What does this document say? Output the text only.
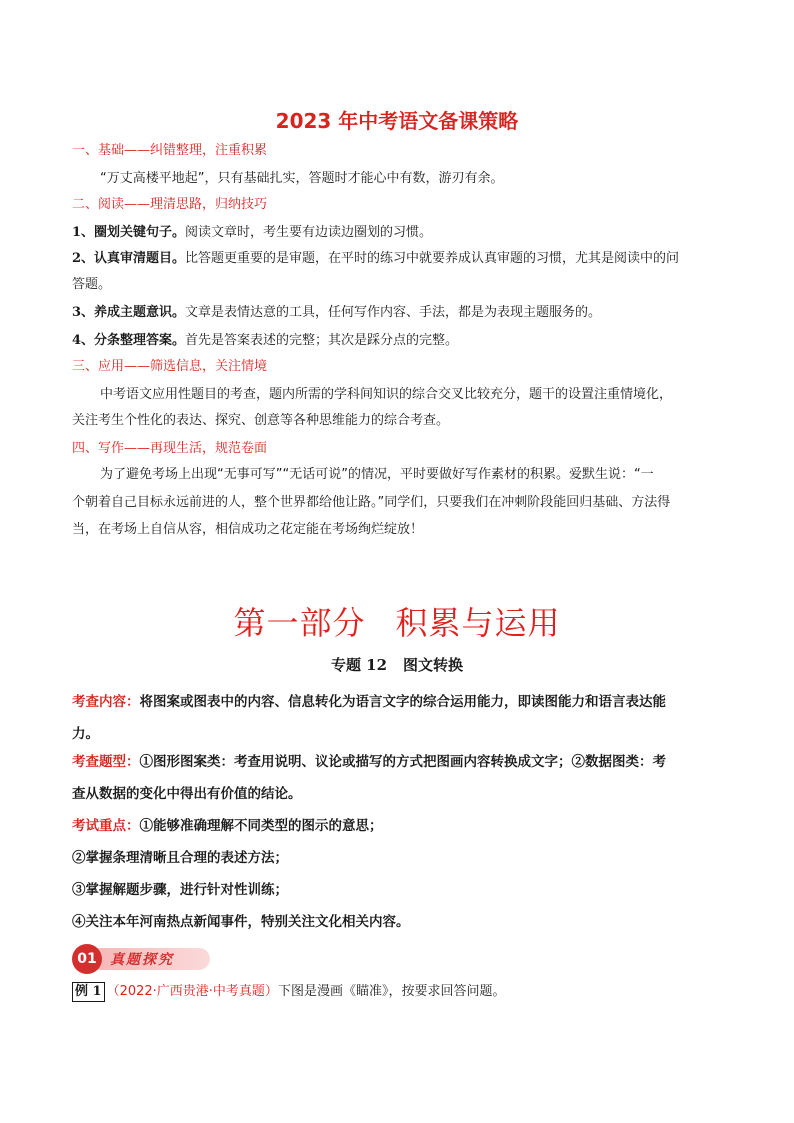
2023 年中考语文备课策略
一、基础——纠错整理，注重积累
“万丈高楼平地起”，只有基础扎实，答题时才能心中有数，游刃有余。
二、阅读——理清思路，归纳技巧
1、圈划关键句子。阅读文章时，考生要有边读边圈划的习惯。
2、认真审清题目。比答题更重要的是审题，在平时的练习中就要养成认真审题的习惯，尤其是阅读中的问
答题。
3、养成主题意识。文章是表情达意的工具，任何写作内容、手法，都是为表现主题服务的。
4、分条整理答案。首先是答案表述的完整；其次是踩分点的完整。
三、应用——筛选信息，关注情境
中考语文应用性题目的考查，题内所需的学科间知识的综合交叉比较充分，题干的设置注重情境化，
关注考生个性化的表达、探究、创意等各种思维能力的综合考查。
四、写作——再现生活，规范卷面
为了避免考场上出现“无事可写”“无话可说”的情况，平时要做好写作素材的积累。爱默生说：“一
个朝着自己目标永远前进的人，整个世界都给他让路。”同学们，只要我们在冲刺阶段能回归基础、方法得
当，在考场上自信从容，相信成功之花定能在考场绚烂绽放！
第一部分 积累与运用
专题 12 图文转换
考查内容：将图案或图表中的内容、信息转化为语言文字的综合运用能力，即读图能力和语言表达能
力。
考查题型：①图形图案类：考查用说明、议论或描写的方式把图画内容转换成文字；②数据图类：考
查从数据的变化中得出有价值的结论。
考试重点：①能够准确理解不同类型的图示的意思；
②掌握条理清晰且合理的表述方法；
③掌握解题步骤，进行针对性训练；
④关注本年河南热点新闻事件，特别关注文化相关内容。
01 真题探究
例 1 （2022·广西贵港·中考真题）下图是漫画《瞄准》，按要求回答问题。
